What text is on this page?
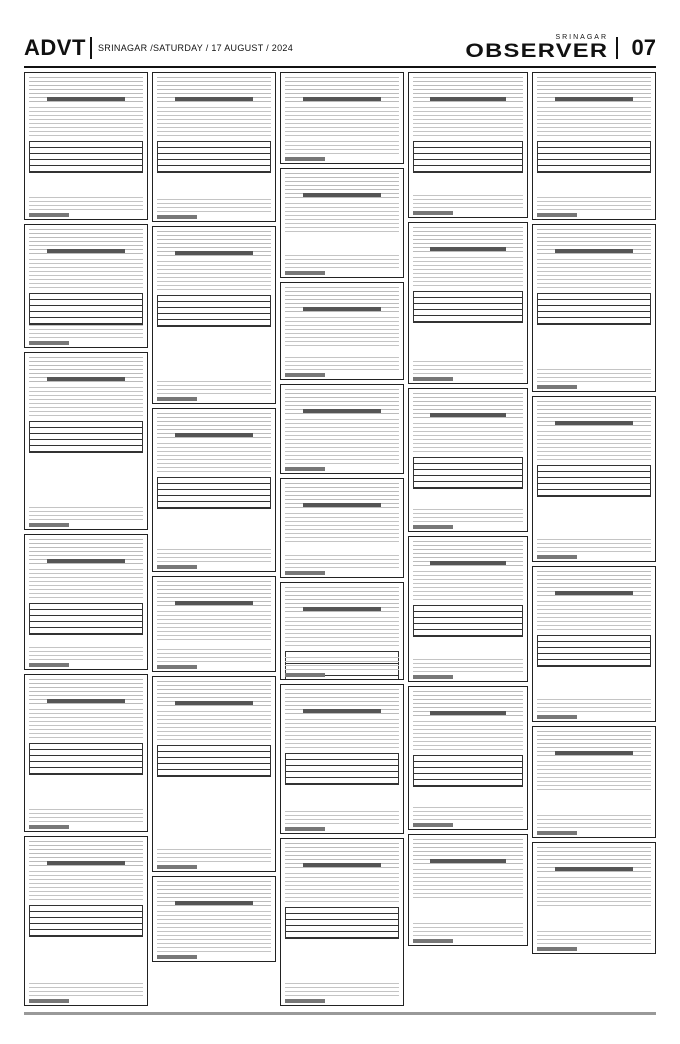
ADVT SRINAGAR /SATURDAY / 17 AUGUST / 2024
SRINAGAR
OBSERVER 07
